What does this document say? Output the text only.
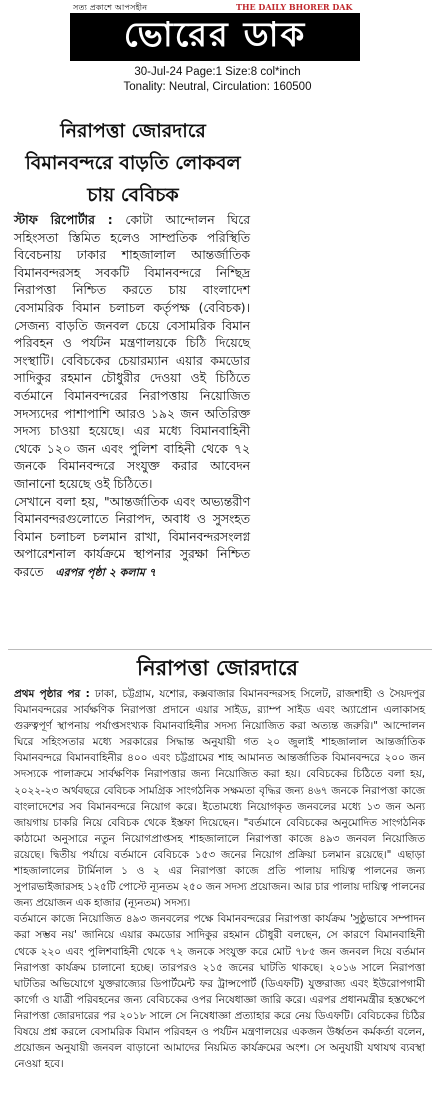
সত্য প্রকাশে আপসহীন	THE DAILY BHORER DAK
ভোরের ডাক
30-Jul-24 Page:1 Size:8 col*inch
Tonality: Neutral, Circulation: 160500
নিরাপত্তা জোরদারে
বিমানবন্দরে বাড়তি লোকবল
চায় বেবিচক

স্টাফ রিপোর্টার : কোটা আন্দোলন ঘিরে সহিংসতা স্তিমিত হলেও সাম্প্রতিক পরিস্থিতি বিবেচনায় ঢাকার শাহজালাল আন্তর্জাতিক বিমানবন্দরসহ সবকটি বিমানবন্দরে নিশ্ছিদ্র নিরাপত্তা নিশ্চিত করতে চায় বাংলাদেশ বেসামরিক বিমান চলাচল কর্তৃপক্ষ (বেবিচক)। সেজন্য বাড়তি জনবল চেয়ে বেসামরিক বিমান পরিবহন ও পর্যটন মন্ত্রণালয়কে চিঠি দিয়েছে সংস্থাটি। বেবিচকের চেয়ারম্যান এয়ার কমডোর সাদিকুর রহমান চৌধুরীর দেওয়া ওই চিঠিতে বর্তমানে বিমানবন্দরের নিরাপত্তায় নিয়োজিত সদস্যদের পাশাপাশি আরও ১৯২ জন অতিরিক্ত সদস্য চাওয়া হয়েছে। এর মধ্যে বিমানবাহিনী থেকে ১২০ জন এবং পুলিশ বাহিনী থেকে ৭২ জনকে বিমানবন্দরে সংযুক্ত করার আবেদন জানানো হয়েছে ওই চিঠিতে।

সেখানে বলা হয়, "আন্তর্জাতিক এবং অভ্যন্তরীণ বিমানবন্দরগুলোতে নিরাপদ, অবাধ ও সুসংহত বিমান চলাচল চলমান রাখা, বিমানবন্দরসংলগ্ন অপারেশনাল কার্যক্রমে স্থাপনার সুরক্ষা নিশ্চিত করতে এরপর পৃষ্ঠা ২ কলাম ৭

নিরাপত্তা জোরদারে

প্রথম পৃষ্ঠার পর : ঢাকা, চট্টগ্রাম, যশোর, কক্সবাজার বিমানবন্দরসহ সিলেট, রাজশাহী ও সৈয়দপুর বিমানবন্দরের সার্বক্ষণিক নিরাপত্তা প্রদানে এয়ার সাইড, র‍্যাম্প সাইড এবং অ্যাপ্রোন এলাকাসহ গুরুত্বপূর্ণ স্থাপনায় পর্যাপ্তসংখ্যক বিমানবাহিনীর সদস্য নিয়োজিত করা অত্যন্ত জরুরি।" আন্দোলন ঘিরে সহিংসতার মধ্যে সরকারের সিদ্ধান্ত অনুযায়ী গত ২০ জুলাই শাহজালাল আন্তর্জাতিক বিমানবন্দরে বিমানবাহিনীর ৪০০ এবং চট্টগ্রামের শাহ আমানত আন্তর্জাতিক বিমানবন্দরে ২০০ জন সদস্যকে পালাক্রমে সার্বক্ষণিক নিরাপত্তার জন্য নিয়োজিত করা হয়। বেবিচকের চিঠিতে বলা হয়, ২০২২-২৩ অর্থবছরে বেবিচক সামগ্রিক সাংগঠনিক সক্ষমতা বৃদ্ধির জন্য ৪৬৭ জনকে নিরাপত্তা কাজে বাংলাদেশের সব বিমানবন্দরে নিয়োগ করে। ইতোমধ্যে নিয়োগকৃত জনবলের মধ্যে ১৩ জন অন্য জায়গায় চাকরি নিয়ে বেবিচক থেকে ইস্তফা দিয়েছেন। "বর্তমানে বেবিচকের অনুমোদিত সাংগঠনিক কাঠামো অনুসারে নতুন নিয়োগপ্রাপ্তসহ শাহজালালে নিরাপত্তা কাজে ৪৯৩ জনবল নিয়োজিত রয়েছে। দ্বিতীয় পর্যায়ে বর্তমানে বেবিচকে ১৫৩ জনের নিয়োগ প্রক্রিয়া চলমান রয়েছে।" এছাড়া শাহজালালের টার্মিনাল ১ ও ২ এর নিরাপত্তা কাজে প্রতি পালায় দায়িত্ব পালনের জন্য সুপারভাইজারসহ ১২৫টি পোস্টে ন্যূনতম ২৫০ জন সদস্য প্রয়োজন। আর চার পালায় দায়িত্ব পালনের জন্য প্রয়োজন এক হাজার (ন্যূনতম) সদস্য।

বর্তমানে কাজে নিয়োজিত ৪৯৩ জনবলের পক্ষে বিমানবন্দরের নিরাপত্তা কার্যক্রম 'সুষ্ঠুভাবে সম্পাদন করা সম্ভব নয়' জানিয়ে এয়ার কমডোর সাদিকুর রহমান চৌধুরী বলছেন, সে কারণে বিমানবাহিনী থেকে ২২০ এবং পুলিশবাহিনী থেকে ৭২ জনকে সংযুক্ত করে মোট ৭৮৫ জন জনবল দিয়ে বর্তমান নিরাপত্তা কার্যক্রম চালানো হচ্ছে। তারপরও ২১৫ জনের ঘাটতি থাকছে। ২০১৬ সালে নিরাপত্তা ঘাটতির অভিযোগে যুক্তরাজ্যের ডিপার্টমেন্ট ফর ট্রান্সপোর্ট (ডিএফটি) যুক্তরাজ্য এবং ইউরোপগামী কার্গো ও যাত্রী পরিবহনের জন্য বেবিচকের ওপর নিষেধাজ্ঞা জারি করে। এরপর প্রধানমন্ত্রীর হস্তক্ষেপে নিরাপত্তা জোরদারের পর ২০১৮ সালে সে নিষেধাজ্ঞা প্রত্যাহার করে নেয় ডিএফটি। বেবিচকের চিঠির বিষয়ে প্রশ্ন করলে বেসামরিক বিমান পরিবহন ও পর্যটন মন্ত্রণালয়ের একজন উর্ধ্বতন কর্মকর্তা বলেন, প্রয়োজন অনুযায়ী জনবল বাড়ানো আমাদের নিয়মিত কার্যক্রমের অংশ। সে অনুযায়ী যথাযথ ব্যবস্থা নেওয়া হবে।
